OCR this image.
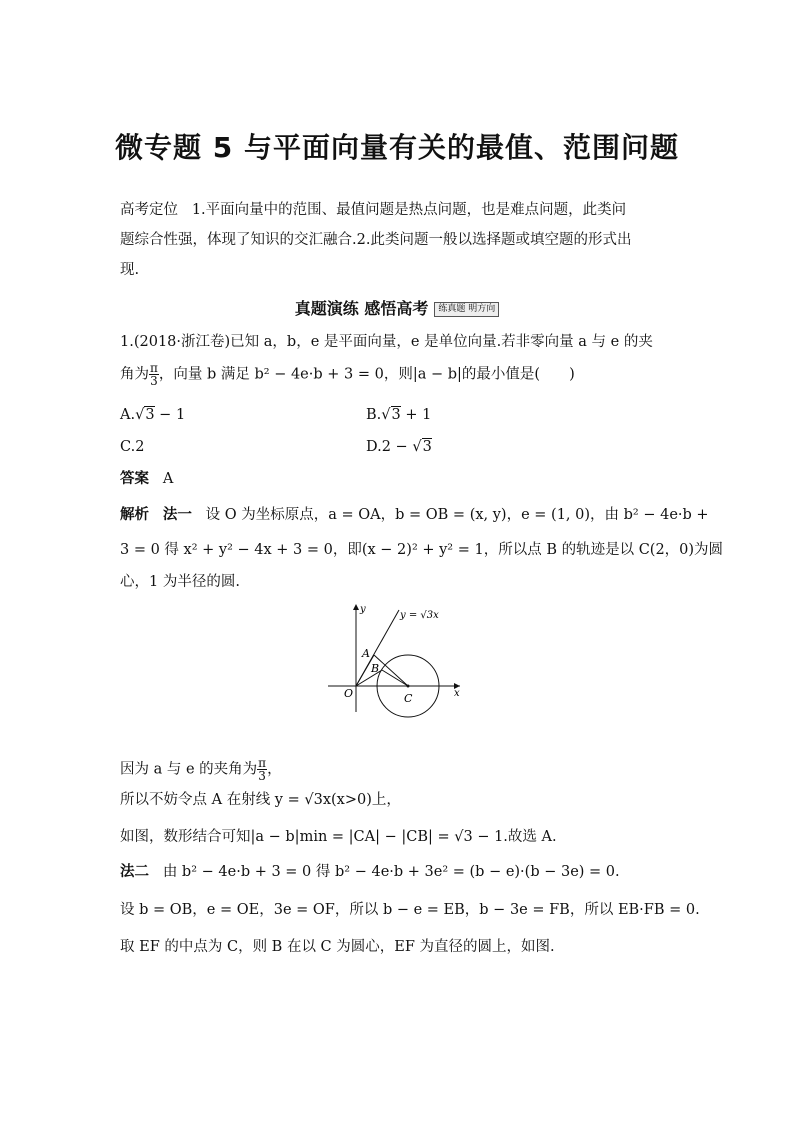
微专题 5 与平面向量有关的最值、范围问题
高考定位 1.平面向量中的范围、最值问题是热点问题，也是难点问题，此类问
题综合性强，体现了知识的交汇融合.2.此类问题一般以选择题或填空题的形式出
现.
真题演练 感悟高考 练真题 明方向
1.(2018·浙江卷)已知 a，b，e 是平面向量，e 是单位向量.若非零向量 a 与 e 的夹
角为 $\frac{\pi}{3}$ ，向量 b 满足 b² − 4e·b + 3 = 0，则|a − b|的最小值是(　　)
A.√3 − 1	B.√3 + 1
C.2	D.2 − √3
答案 A
解析 法一 设 O 为坐标原点，a = OA，b = OB = (x, y)，e = (1, 0)，由 b² − 4e·b +
3 = 0 得 x² + y² − 4x + 3 = 0，即(x − 2)² + y² = 1，所以点 B 的轨迹是以 C(2，0)为圆
心，1 为半径的圆.
y = √3x
y
x
O
A
B
C
因为 a 与 e 的夹角为 $\frac{\pi}{3}$ ，
所以不妨令点 A 在射线 y = √3x(x>0)上，
如图，数形结合可知|a − b|min = |CA| − |CB| = √3 − 1.故选 A.
法二 由 b² − 4e·b + 3 = 0 得 b² − 4e·b + 3e² = (b − e)·(b − 3e) = 0.
设 b = OB，e = OE，3e = OF，所以 b − e = EB，b − 3e = FB，所以 EB·FB = 0.
取 EF 的中点为 C，则 B 在以 C 为圆心，EF 为直径的圆上，如图.
